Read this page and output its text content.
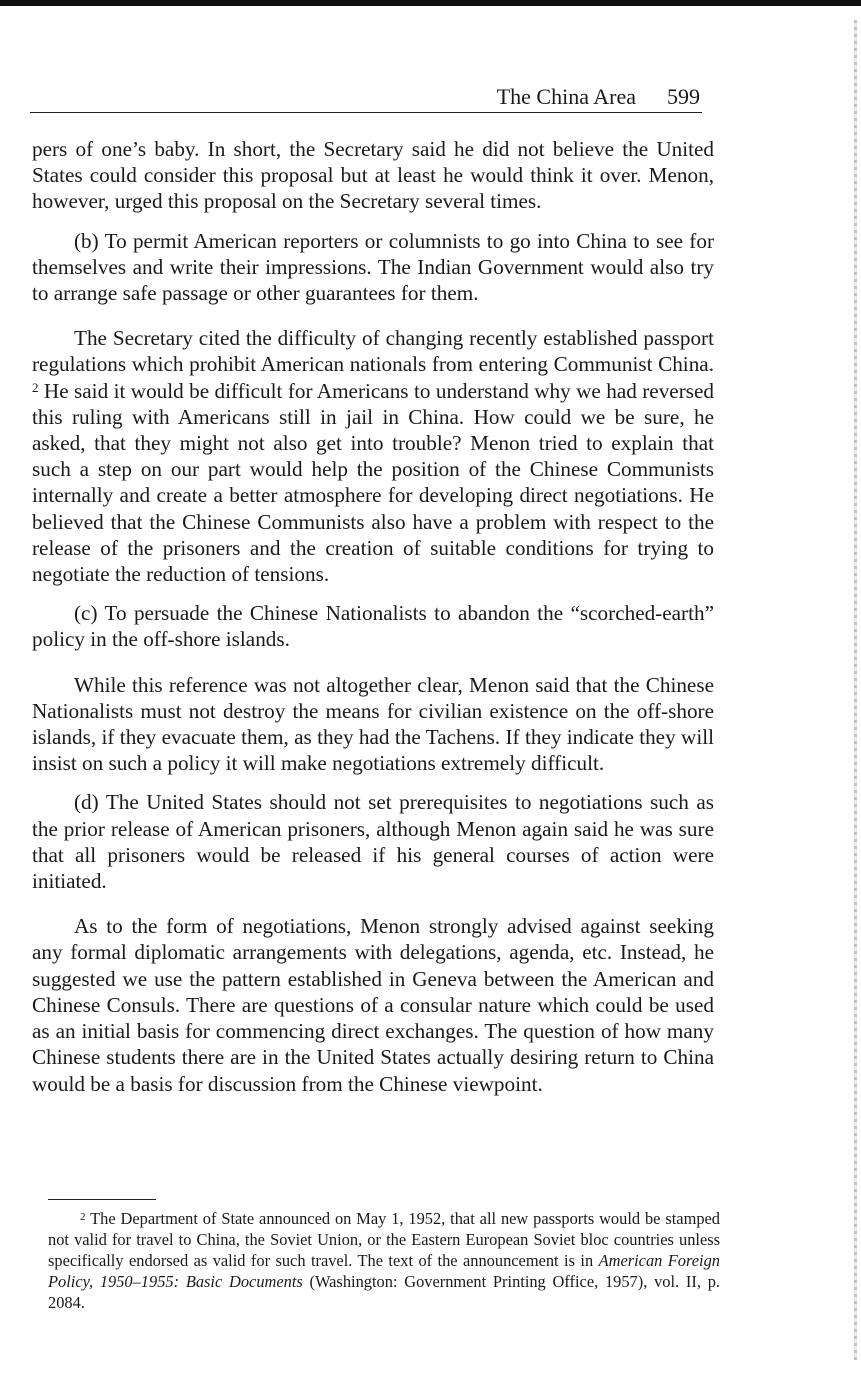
The China Area 599

pers of one’s baby. In short, the Secretary said he did not believe the United States could consider this proposal but at least he would think it over. Menon, however, urged this proposal on the Secretary several times.

(b) To permit American reporters or columnists to go into China to see for themselves and write their impressions. The Indian Government would also try to arrange safe passage or other guarantees for them.

The Secretary cited the difficulty of changing recently established passport regulations which prohibit American nationals from entering Communist China. $^2$ He said it would be difficult for Americans to understand why we had reversed this ruling with Americans still in jail in China. How could we be sure, he asked, that they might not also get into trouble? Menon tried to explain that such a step on our part would help the position of the Chinese Communists internally and create a better atmosphere for developing direct negotiations. He believed that the Chinese Communists also have a problem with respect to the release of the prisoners and the creation of suitable conditions for trying to negotiate the reduction of tensions.

(c) To persuade the Chinese Nationalists to abandon the “scorched-earth” policy in the off-shore islands.

While this reference was not altogether clear, Menon said that the Chinese Nationalists must not destroy the means for civilian existence on the off-shore islands, if they evacuate them, as they had the Tachens. If they indicate they will insist on such a policy it will make negotiations extremely difficult.

(d) The United States should not set prerequisites to negotiations such as the prior release of American prisoners, although Menon again said he was sure that all prisoners would be released if his general courses of action were initiated.

As to the form of negotiations, Menon strongly advised against seeking any formal diplomatic arrangements with delegations, agenda, etc. Instead, he suggested we use the pattern established in Geneva between the American and Chinese Consuls. There are questions of a consular nature which could be used as an initial basis for commencing direct exchanges. The question of how many Chinese students there are in the United States actually desiring return to China would be a basis for discussion from the Chinese viewpoint.

$^2$ The Department of State announced on May 1, 1952, that all new passports would be stamped not valid for travel to China, the Soviet Union, or the Eastern European Soviet bloc countries unless specifically endorsed as valid for such travel. The text of the announcement is in American Foreign Policy, 1950–1955: Basic Documents (Washington: Government Printing Office, 1957), vol. II, p. 2084.
